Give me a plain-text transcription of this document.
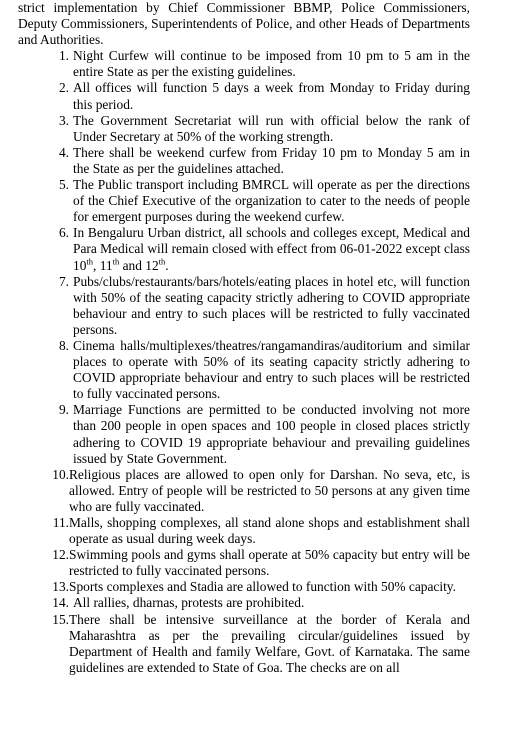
strict implementation by Chief Commissioner BBMP, Police Commissioners, Deputy Commissioners, Superintendents of Police, and other Heads of Departments and Authorities.

1. Night Curfew will continue to be imposed from 10 pm to 5 am in the entire State as per the existing guidelines.
2. All offices will function 5 days a week from Monday to Friday during this period.
3. The Government Secretariat will run with official below the rank of Under Secretary at 50% of the working strength.
4. There shall be weekend curfew from Friday 10 pm to Monday 5 am in the State as per the guidelines attached.
5. The Public transport including BMRCL will operate as per the directions of the Chief Executive of the organization to cater to the needs of people for emergent purposes during the weekend curfew.
6. In Bengaluru Urban district, all schools and colleges except, Medical and Para Medical will remain closed with effect from 06-01-2022 except class 10th, 11th and 12th.
7. Pubs/clubs/restaurants/bars/hotels/eating places in hotel etc, will function with 50% of the seating capacity strictly adhering to COVID appropriate behaviour and entry to such places will be restricted to fully vaccinated persons.
8. Cinema halls/multiplexes/theatres/rangamandiras/auditorium and similar places to operate with 50% of its seating capacity strictly adhering to COVID appropriate behaviour and entry to such places will be restricted to fully vaccinated persons.
9. Marriage Functions are permitted to be conducted involving not more than 200 people in open spaces and 100 people in closed places strictly adhering to COVID 19 appropriate behaviour and prevailing guidelines issued by State Government.
10. Religious places are allowed to open only for Darshan. No seva, etc, is allowed. Entry of people will be restricted to 50 persons at any given time who are fully vaccinated.
11. Malls, shopping complexes, all stand alone shops and establishment shall operate as usual during week days.
12. Swimming pools and gyms shall operate at 50% capacity but entry will be restricted to fully vaccinated persons.
13. Sports complexes and Stadia are allowed to function with 50% capacity.
14. All rallies, dharnas, protests are prohibited.
15. There shall be intensive surveillance at the border of Kerala and Maharashtra as per the prevailing circular/guidelines issued by Department of Health and family Welfare, Govt. of Karnataka. The same guidelines are extended to State of Goa. The checks are on all
